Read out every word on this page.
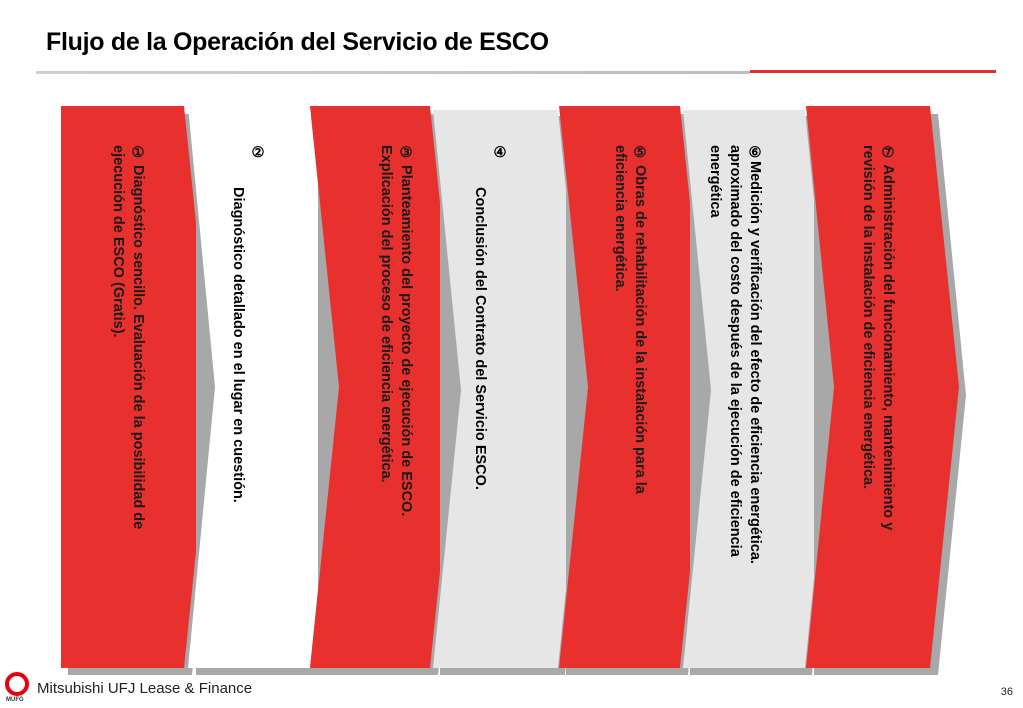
Flujo de la Operación del Servicio de ESCO
① Diagnóstico sencillo. Evaluación de la posibilidad de
ejecución de ESCO (Gratis).	②
Diagnóstico detallado en el lugar en cuestión.	③ Planteamiento del proyecto de ejecución de ESCO.
Explicación del proceso de eficiencia energética.	④
Conclusión del Contrato del Servicio ESCO.	⑤ Obras de rehabilitación de la instalación para la
eficiencia energética.	⑥Medición y verificación del efecto de eficiencia energética.
aproximado del costo después de la ejecución de eficiencia
energética	⑦ Administración del funcionamiento, mantenimiento y
revisión de la instalación de eficiencia energética.
MUFG
Mitsubishi UFJ Lease & Finance	36
